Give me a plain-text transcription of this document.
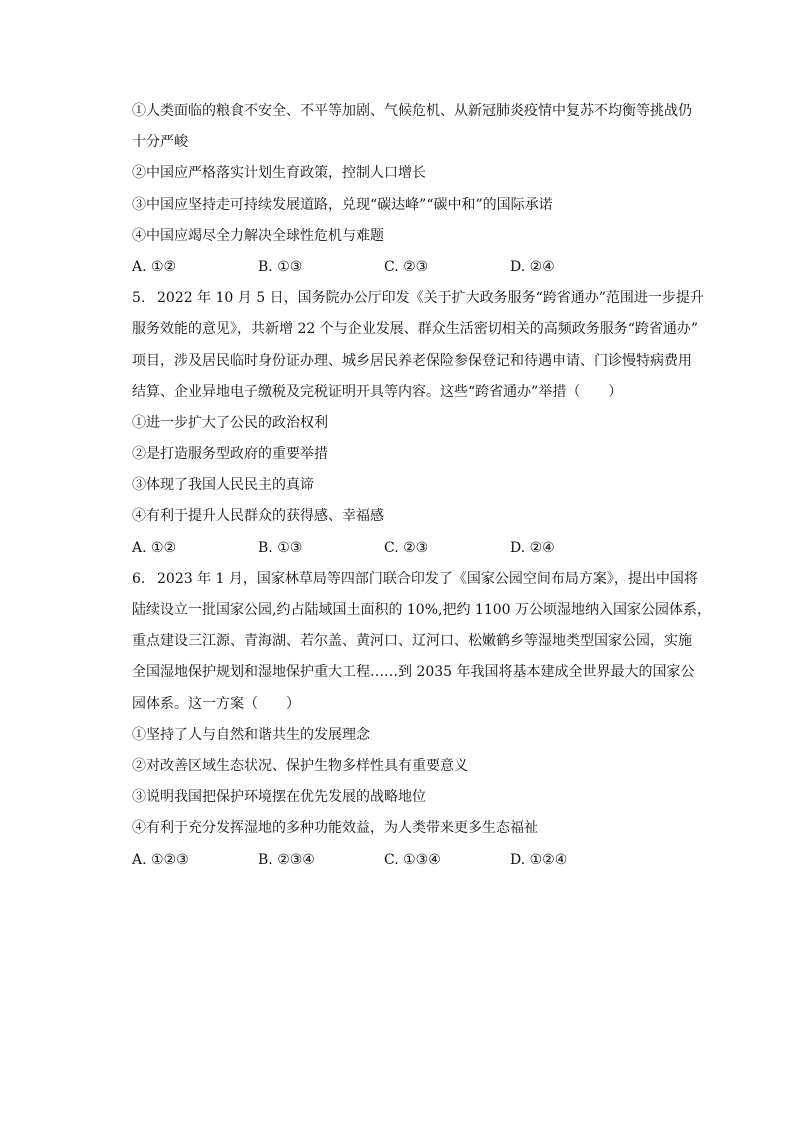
①人类面临的粮食不安全、不平等加剧、气候危机、从新冠肺炎疫情中复苏不均衡等挑战仍
十分严峻
②中国应严格落实计划生育政策，控制人口增长
③中国应坚持走可持续发展道路，兑现“碳达峰”“碳中和”的国际承诺
④中国应竭尽全力解决全球性危机与难题
A. ①②	B. ①③	C. ②③	D. ②④
5. 2022 年 10 月 5 日，国务院办公厅印发《关于扩大政务服务“跨省通办”范围进一步提升
服务效能的意见》，共新增 22 个与企业发展、群众生活密切相关的高频政务服务“跨省通办”
项目，涉及居民临时身份证办理、城乡居民养老保险参保登记和待遇申请、门诊慢特病费用
结算、企业异地电子缴税及完税证明开具等内容。这些“跨省通办”举措（　　）
①进一步扩大了公民的政治权利
②是打造服务型政府的重要举措
③体现了我国人民民主的真谛
④有利于提升人民群众的获得感、幸福感
A. ①②	B. ①③	C. ②③	D. ②④
6. 2023 年 1 月，国家林草局等四部门联合印发了《国家公园空间布局方案》，提出中国将
陆续设立一批国家公园,约占陆域国土面积的 10%,把约 1100 万公顷湿地纳入国家公园体系，
重点建设三江源、青海湖、若尔盖、黄河口、辽河口、松嫩鹤乡等湿地类型国家公园，实施
全国湿地保护规划和湿地保护重大工程……到 2035 年我国将基本建成全世界最大的国家公
园体系。这一方案（　　）
①坚持了人与自然和谐共生的发展理念
②对改善区域生态状况、保护生物多样性具有重要意义
③说明我国把保护环境摆在优先发展的战略地位
④有利于充分发挥湿地的多种功能效益，为人类带来更多生态福祉
A. ①②③	B. ②③④	C. ①③④	D. ①②④
